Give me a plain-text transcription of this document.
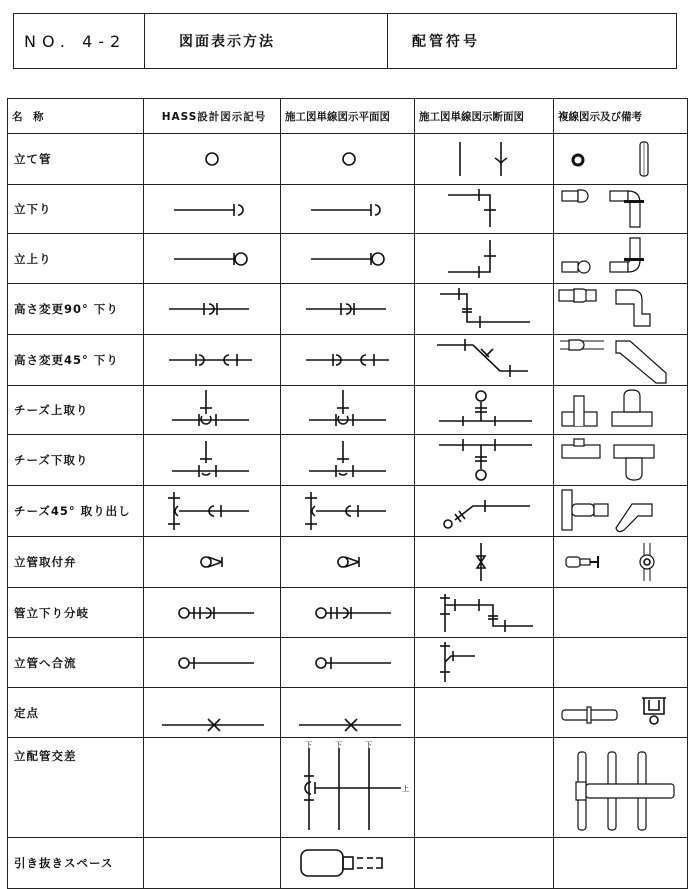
NO. 4-2	図面表示方法	配管符号
名　称	HASS設計図示記号	施工図単線図示平面図	施工図単線図示断面図	複線図示及び備考
立て管	

立下り	

立上り	

高さ変更90° 下り	

高さ変更45° 下り	

チーズ上取り	

チーズ下取り	

チーズ45° 取り出し	

立管取付弁	

管立下り分岐	

立管へ合流	

定点	

立配管交差		下 下 下
上

引き抜きスペース		
